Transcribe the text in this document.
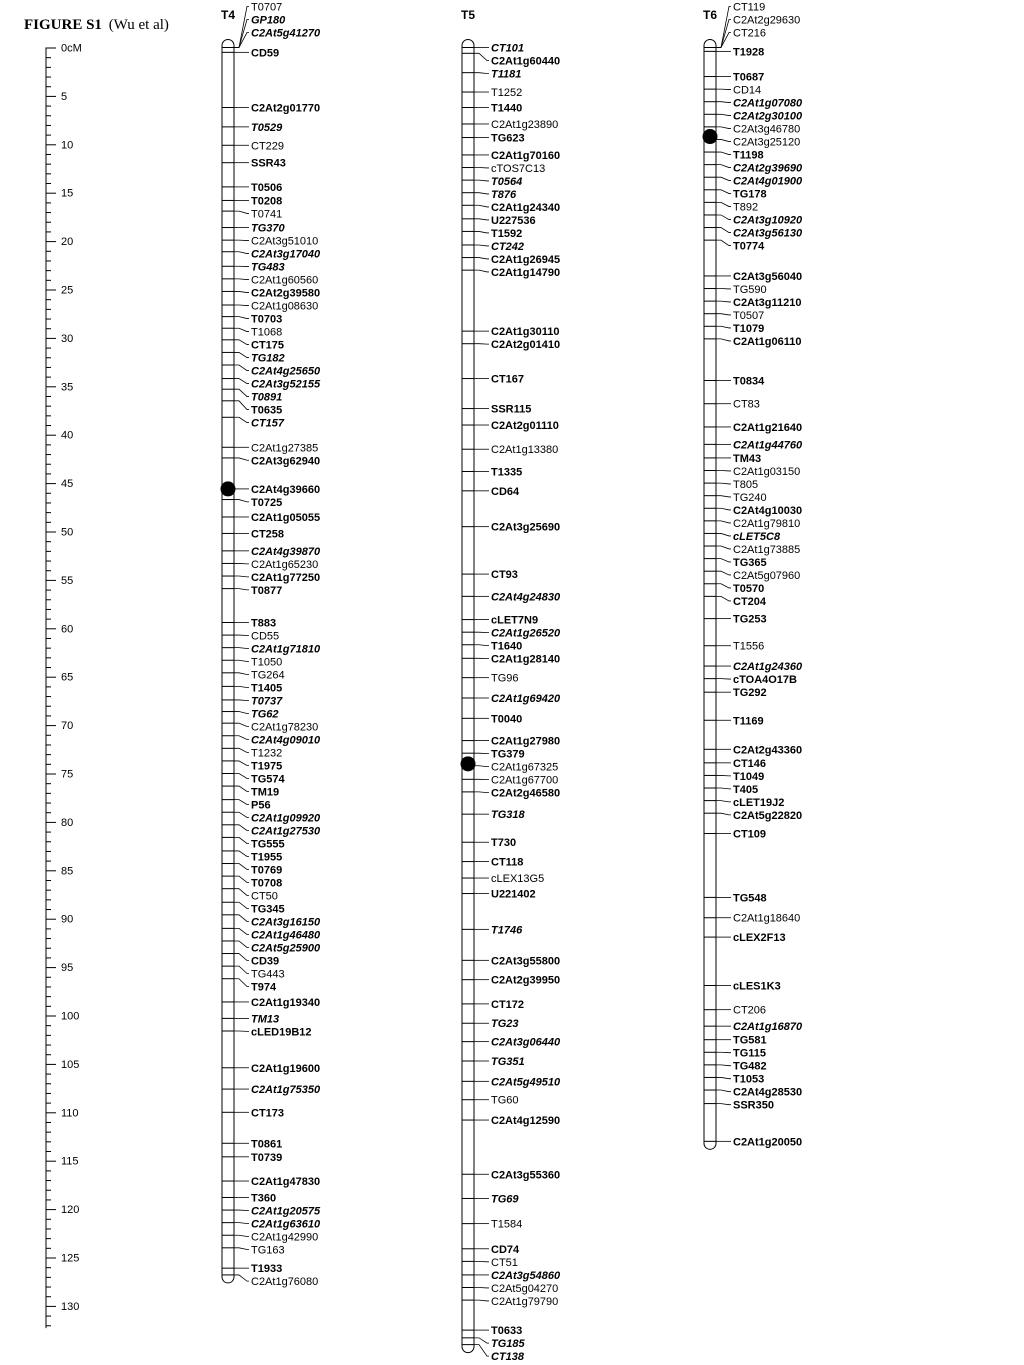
FIGURE S1 (Wu et al)
0cM
5
10
15
20
25
30
35
40
45
50
55
60
65
70
75
80
85
90
95
100
105
110
115
120
125
130
T4
T0707
GP180
C2At5g41270
CD59
C2At2g01770
T0529
CT229
SSR43
T0506
T0208
T0741
TG370
C2At3g51010
C2At3g17040
TG483
C2At1g60560
C2At2g39580
C2At1g08630
T0703
T1068
CT175
TG182
C2At4g25650
C2At3g52155
T0891
T0635
CT157
C2At1g27385
C2At3g62940
C2At4g39660
T0725
C2At1g05055
CT258
C2At4g39870
C2At1g65230
C2At1g77250
T0877
T883
CD55
C2At1g71810
T1050
TG264
T1405
T0737
TG62
C2At1g78230
C2At4g09010
T1232
T1975
TG574
TM19
P56
C2At1g09920
C2At1g27530
TG555
T1955
T0769
T0708
CT50
TG345
C2At3g16150
C2At1g46480
C2At5g25900
CD39
TG443
T974
C2At1g19340
TM13
cLED19B12
C2At1g19600
C2At1g75350
CT173
T0861
T0739
C2At1g47830
T360
C2At1g20575
C2At1g63610
C2At1g42990
TG163
T1933
C2At1g76080
T5
CT101
C2At1g60440
T1181
T1252
T1440
C2At1g23890
TG623
C2At1g70160
cTOS7C13
T0564
T876
C2At1g24340
U227536
T1592
CT242
C2At1g26945
C2At1g14790
C2At1g30110
C2At2g01410
CT167
SSR115
C2At2g01110
C2At1g13380
T1335
CD64
C2At3g25690
CT93
C2At4g24830
cLET7N9
C2At1g26520
T1640
C2At1g28140
TG96
C2At1g69420
T0040
C2At1g27980
TG379
C2At1g67325
C2At1g67700
C2At2g46580
TG318
T730
CT118
cLEX13G5
U221402
T1746
C2At3g55800
C2At2g39950
CT172
TG23
C2At3g06440
TG351
C2At5g49510
TG60
C2At4g12590
C2At3g55360
TG69
T1584
CD74
CT51
C2At3g54860
C2At5g04270
C2At1g79790
T0633
TG185
CT138
T6
CT119
C2At2g29630
CT216
T1928
T0687
CD14
C2At1g07080
C2At2g30100
C2At3g46780
C2At3g25120
T1198
C2At2g39690
C2At4g01900
TG178
T892
C2At3g10920
C2At3g56130
T0774
C2At3g56040
TG590
C2At3g11210
T0507
T1079
C2At1g06110
T0834
CT83
C2At1g21640
C2At1g44760
TM43
C2At1g03150
T805
TG240
C2At4g10030
C2At1g79810
cLET5C8
C2At1g73885
TG365
C2At5g07960
T0570
CT204
TG253
T1556
C2At1g24360
cTOA4O17B
TG292
T1169
C2At2g43360
CT146
T1049
T405
cLET19J2
C2At5g22820
CT109
TG548
C2At1g18640
cLEX2F13
cLES1K3
CT206
C2At1g16870
TG581
TG115
TG482
T1053
C2At4g28530
SSR350
C2At1g20050
